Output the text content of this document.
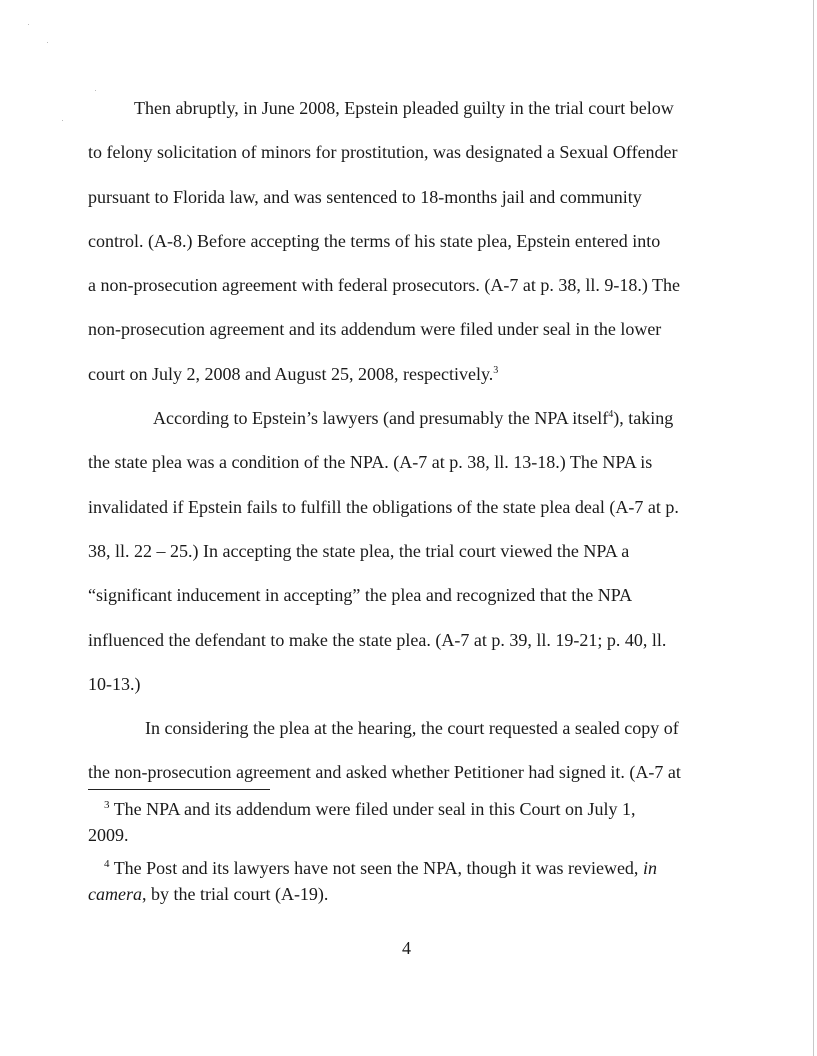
Then abruptly, in June 2008, Epstein pleaded guilty in the trial court below
to felony solicitation of minors for prostitution, was designated a Sexual Offender
pursuant to Florida law, and was sentenced to 18-months jail and community
control. (A-8.) Before accepting the terms of his state plea, Epstein entered into
a non-prosecution agreement with federal prosecutors. (A-7 at p. 38, ll. 9-18.) The
non-prosecution agreement and its addendum were filed under seal in the lower
court on July 2, 2008 and August 25, 2008, respectively.$^3$
According to Epstein’s lawyers (and presumably the NPA itself$^4$), taking
the state plea was a condition of the NPA. (A-7 at p. 38, ll. 13-18.) The NPA is
invalidated if Epstein fails to fulfill the obligations of the state plea deal (A-7 at p.
38, ll. 22 – 25.) In accepting the state plea, the trial court viewed the NPA a
“significant inducement in accepting” the plea and recognized that the NPA
influenced the defendant to make the state plea. (A-7 at p. 39, ll. 19-21; p. 40, ll.
10-13.)
In considering the plea at the hearing, the court requested a sealed copy of
the non-prosecution agreement and asked whether Petitioner had signed it. (A-7 at
$^3$ The NPA and its addendum were filed under seal in this Court on July 1,
2009.
$^4$ The Post and its lawyers have not seen the NPA, though it was reviewed, in
camera, by the trial court (A-19).
4
